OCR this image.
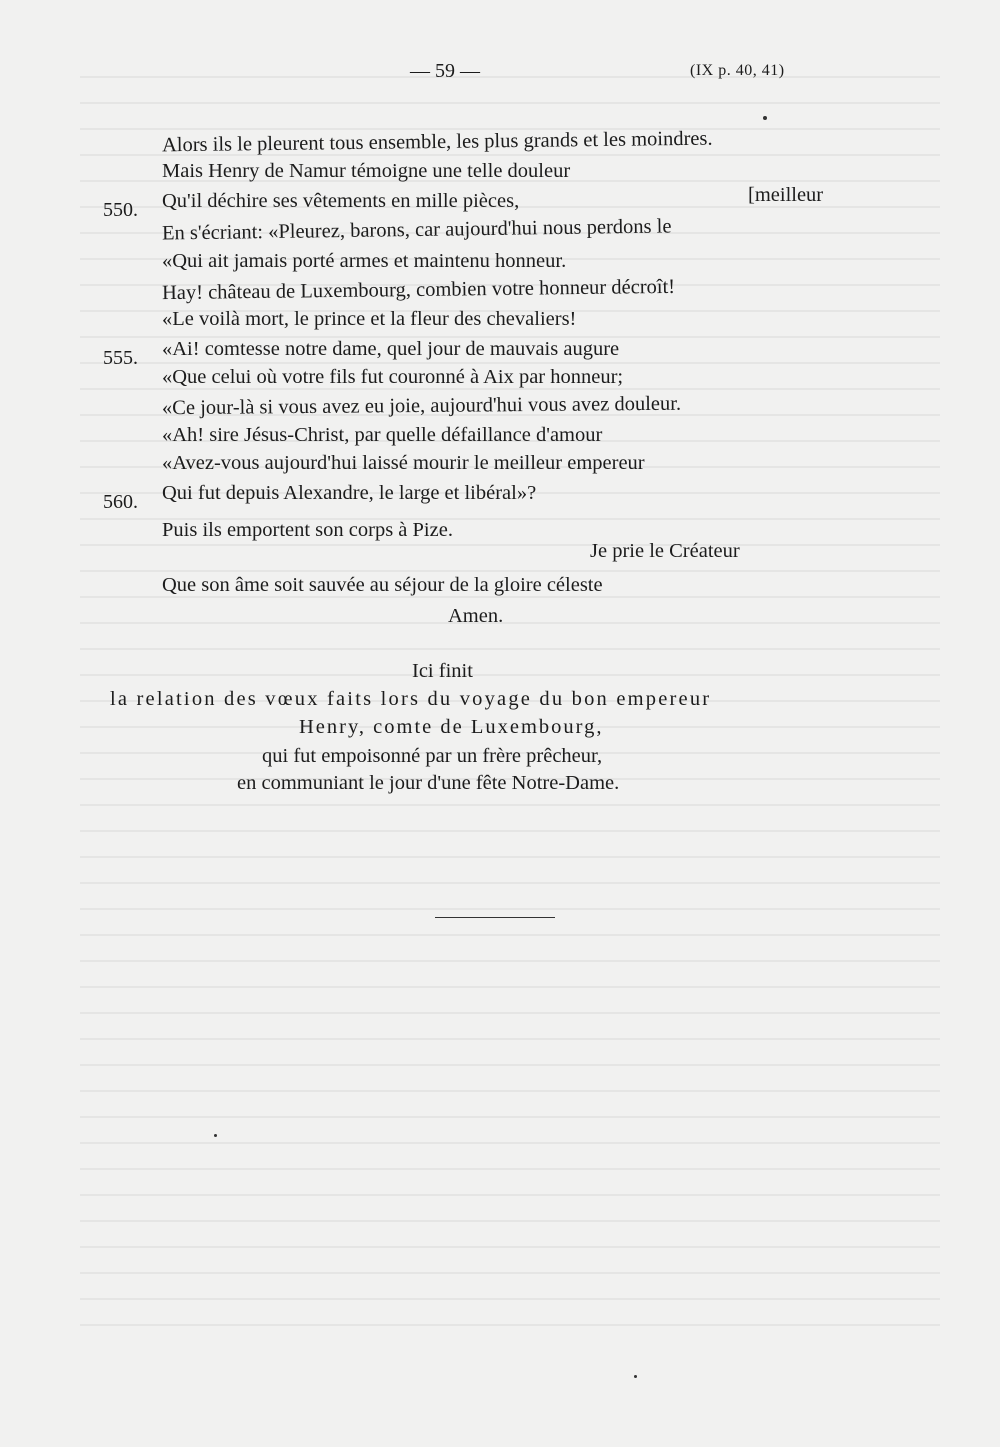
— 59 —	(IX p. 40, 41)
Alors ils le pleurent tous ensemble, les plus grands et les moindres.
Mais Henry de Namur témoigne une telle douleur
550. Qu'il déchire ses vêtements en mille pièces,	[meilleur
En s'écriant: «Pleurez, barons, car aujourd'hui nous perdons le
«Qui ait jamais porté armes et maintenu honneur.
Hay! château de Luxembourg, combien votre honneur décroît!
«Le voilà mort, le prince et la fleur des chevaliers!
555. «Ai! comtesse notre dame, quel jour de mauvais augure
«Que celui où votre fils fut couronné à Aix par honneur;
«Ce jour-là si vous avez eu joie, aujourd'hui vous avez douleur.
«Ah! sire Jésus-Christ, par quelle défaillance d'amour
«Avez-vous aujourd'hui laissé mourir le meilleur empereur
560. Qui fut depuis Alexandre, le large et libéral»?
Puis ils emportent son corps à Pize.
Je prie le Créateur
Que son âme soit sauvée au séjour de la gloire céleste
Amen.
Ici finit
la relation des vœux faits lors du voyage du bon empereur
Henry, comte de Luxembourg,
qui fut empoisonné par un frère prêcheur,
en communiant le jour d'une fête Notre-Dame.
